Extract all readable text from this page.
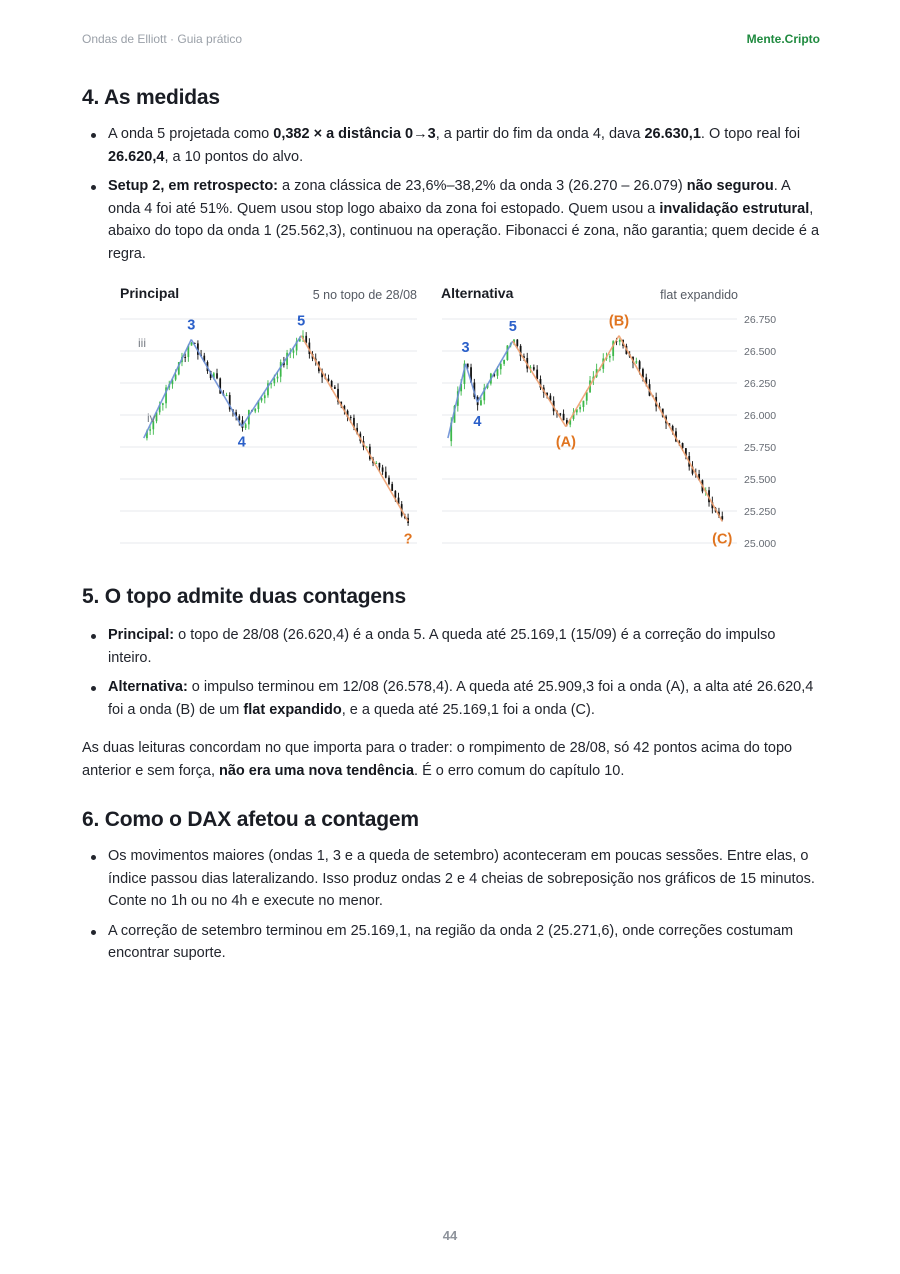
Ondas de Elliott · Guia prático	Mente.Cripto
4. As medidas
A onda 5 projetada como 0,382 × a distância 0→3, a partir do fim da onda 4, dava 26.630,1. O topo real foi 26.620,4, a 10 pontos do alvo.
Setup 2, em retrospecto: a zona clássica de 23,6%–38,2% da onda 3 (26.270 – 26.079) não segurou. A onda 4 foi até 51%. Quem usou stop logo abaixo da zona foi estopado. Quem usou a invalidação estrutural, abaixo do topo da onda 1 (25.562,3), continuou na operação. Fibonacci é zona, não garantia; quem decide é a regra.
Principal	5 no topo de 28/08
3
4
5
?
iii
iv
Alternativa	flat expandido
26.750
26.500
26.250
26.000
25.750
25.500
25.250
25.000
3
4
5
(A)
(B)
(C)
5. O topo admite duas contagens
Principal: o topo de 28/08 (26.620,4) é a onda 5. A queda até 25.169,1 (15/09) é a correção do impulso inteiro.
Alternativa: o impulso terminou em 12/08 (26.578,4). A queda até 25.909,3 foi a onda (A), a alta até 26.620,4 foi a onda (B) de um flat expandido, e a queda até 25.169,1 foi a onda (C).

As duas leituras concordam no que importa para o trader: o rompimento de 28/08, só 42 pontos acima do topo anterior e sem força, não era uma nova tendência. É o erro comum do capítulo 10.

6. Como o DAX afetou a contagem
Os movimentos maiores (ondas 1, 3 e a queda de setembro) aconteceram em poucas sessões. Entre elas, o índice passou dias lateralizando. Isso produz ondas 2 e 4 cheias de sobreposição nos gráficos de 15 minutos. Conte no 1h ou no 4h e execute no menor.
A correção de setembro terminou em 25.169,1, na região da onda 2 (25.271,6), onde correções costumam encontrar suporte.
44
